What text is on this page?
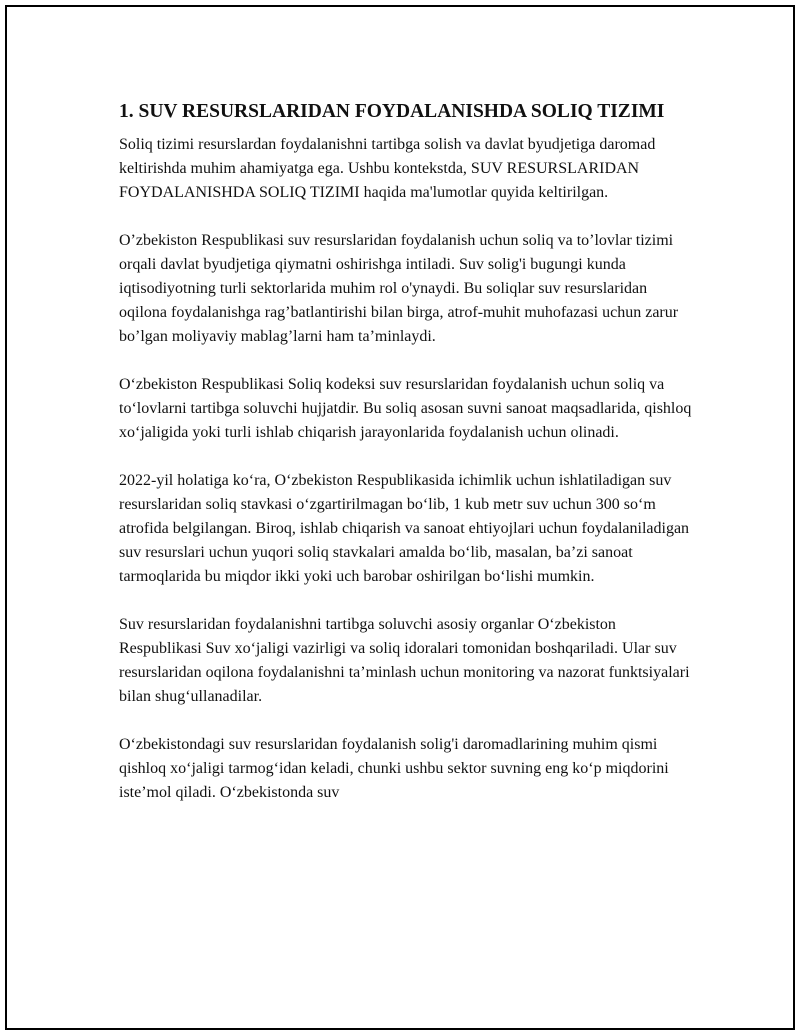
1. SUV RESURSLARIDAN FOYDALANISHDA SOLIQ TIZIMI

Soliq tizimi resurslardan foydalanishni tartibga solish va davlat byudjetiga daromad keltirishda muhim ahamiyatga ega. Ushbu kontekstda, SUV RESURSLARIDAN FOYDALANISHDA SOLIQ TIZIMI haqida ma'lumotlar quyida keltirilgan.

O’zbekiston Respublikasi suv resurslaridan foydalanish uchun soliq va to’lovlar tizimi orqali davlat byudjetiga qiymatni oshirishga intiladi. Suv solig'i bugungi kunda iqtisodiyotning turli sektorlarida muhim rol o'ynaydi. Bu soliqlar suv resurslaridan oqilona foydalanishga rag’batlantirishi bilan birga, atrof-muhit muhofazasi uchun zarur bo’lgan moliyaviy mablag’larni ham ta’minlaydi.

O‘zbekiston Respublikasi Soliq kodeksi suv resurslaridan foydalanish uchun soliq va to‘lovlarni tartibga soluvchi hujjatdir. Bu soliq asosan suvni sanoat maqsadlarida, qishloq xo‘jaligida yoki turli ishlab chiqarish jarayonlarida foydalanish uchun olinadi.

2022-yil holatiga ko‘ra, O‘zbekiston Respublikasida ichimlik uchun ishlatiladigan suv resurslaridan soliq stavkasi o‘zgartirilmagan bo‘lib, 1 kub metr suv uchun 300 so‘m atrofida belgilangan. Biroq, ishlab chiqarish va sanoat ehtiyojlari uchun foydalaniladigan suv resurslari uchun yuqori soliq stavkalari amalda bo‘lib, masalan, ba’zi sanoat tarmoqlarida bu miqdor ikki yoki uch barobar oshirilgan bo‘lishi mumkin.

Suv resurslaridan foydalanishni tartibga soluvchi asosiy organlar O‘zbekiston Respublikasi Suv xo‘jaligi vazirligi va soliq idoralari tomonidan boshqariladi. Ular suv resurslaridan oqilona foydalanishni ta’minlash uchun monitoring va nazorat funktsiyalari bilan shug‘ullanadilar.

O‘zbekistondagi suv resurslaridan foydalanish solig'i daromadlarining muhim qismi qishloq xo‘jaligi tarmog‘idan keladi, chunki ushbu sektor suvning eng ko‘p miqdorini iste’mol qiladi. O‘zbekistonda suv
